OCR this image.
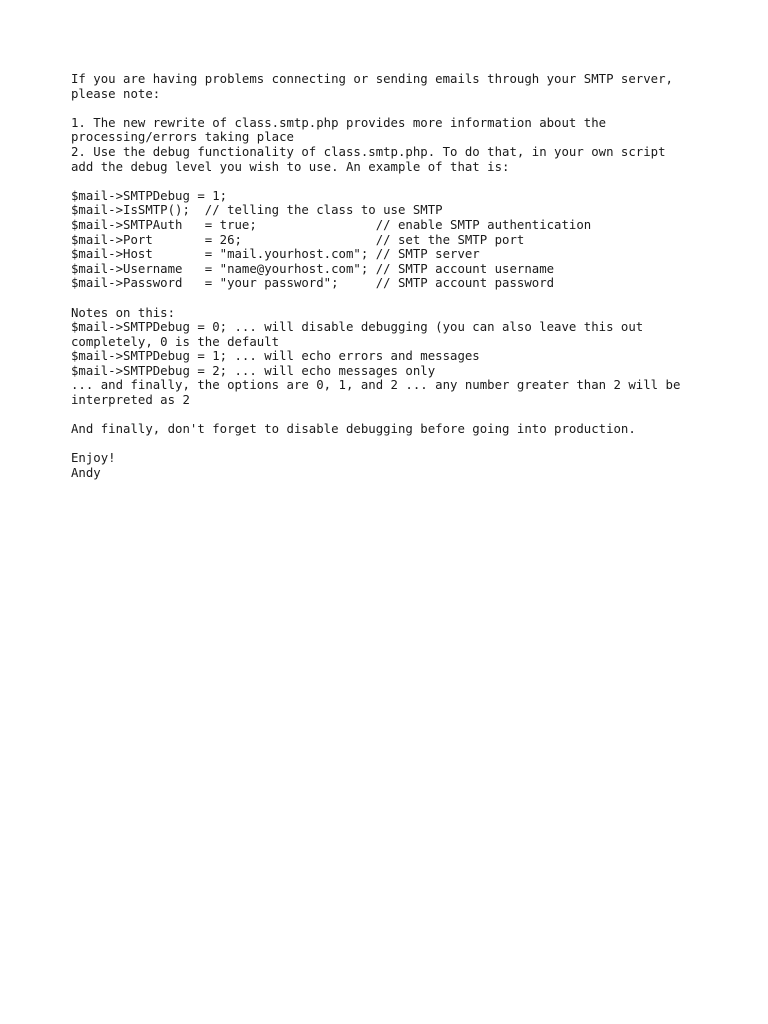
If you are having problems connecting or sending emails through your SMTP server,
please note:
1. The new rewrite of class.smtp.php provides more information about the
processing/errors taking place
2. Use the debug functionality of class.smtp.php. To do that, in your own script
add the debug level you wish to use. An example of that is:
$mail->SMTPDebug = 1;
$mail->IsSMTP();  // telling the class to use SMTP
$mail->SMTPAuth   = true;                // enable SMTP authentication
$mail->Port       = 26;                  // set the SMTP port
$mail->Host       = "mail.yourhost.com"; // SMTP server
$mail->Username   = "name@yourhost.com"; // SMTP account username
$mail->Password   = "your password";     // SMTP account password
Notes on this:
$mail->SMTPDebug = 0; ... will disable debugging (you can also leave this out
completely, 0 is the default
$mail->SMTPDebug = 1; ... will echo errors and messages
$mail->SMTPDebug = 2; ... will echo messages only
... and finally, the options are 0, 1, and 2 ... any number greater than 2 will be
interpreted as 2
And finally, don't forget to disable debugging before going into production.
Enjoy!
Andy
